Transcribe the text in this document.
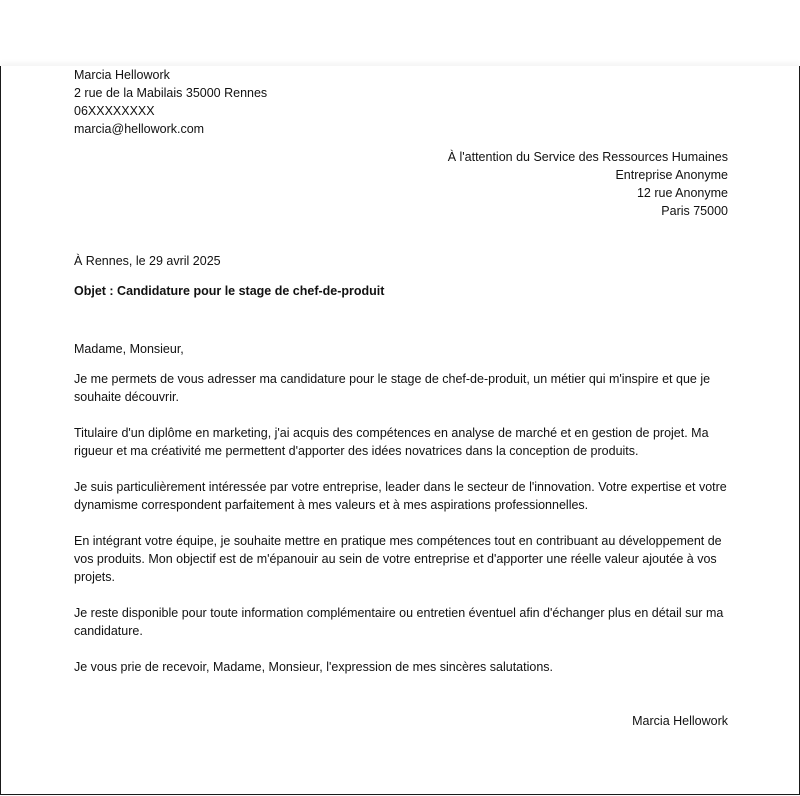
Marcia Hellowork
2 rue de la Mabilais 35000 Rennes
06XXXXXXXX
marcia@hellowork.com
À l'attention du Service des Ressources Humaines
Entreprise Anonyme
12 rue Anonyme
Paris 75000
À Rennes, le 29 avril 2025
Objet : Candidature pour le stage de chef-de-produit
Madame, Monsieur,

Je me permets de vous adresser ma candidature pour le stage de chef-de-produit, un métier qui m'inspire et que je souhaite découvrir.

Titulaire d'un diplôme en marketing, j'ai acquis des compétences en analyse de marché et en gestion de projet. Ma rigueur et ma créativité me permettent d'apporter des idées novatrices dans la conception de produits.

Je suis particulièrement intéressée par votre entreprise, leader dans le secteur de l'innovation. Votre expertise et votre dynamisme correspondent parfaitement à mes valeurs et à mes aspirations professionnelles.

En intégrant votre équipe, je souhaite mettre en pratique mes compétences tout en contribuant au développement de vos produits. Mon objectif est de m'épanouir au sein de votre entreprise et d'apporter une réelle valeur ajoutée à vos projets.

Je reste disponible pour toute information complémentaire ou entretien éventuel afin d'échanger plus en détail sur ma candidature.

Je vous prie de recevoir, Madame, Monsieur, l'expression de mes sincères salutations.
Marcia Hellowork
